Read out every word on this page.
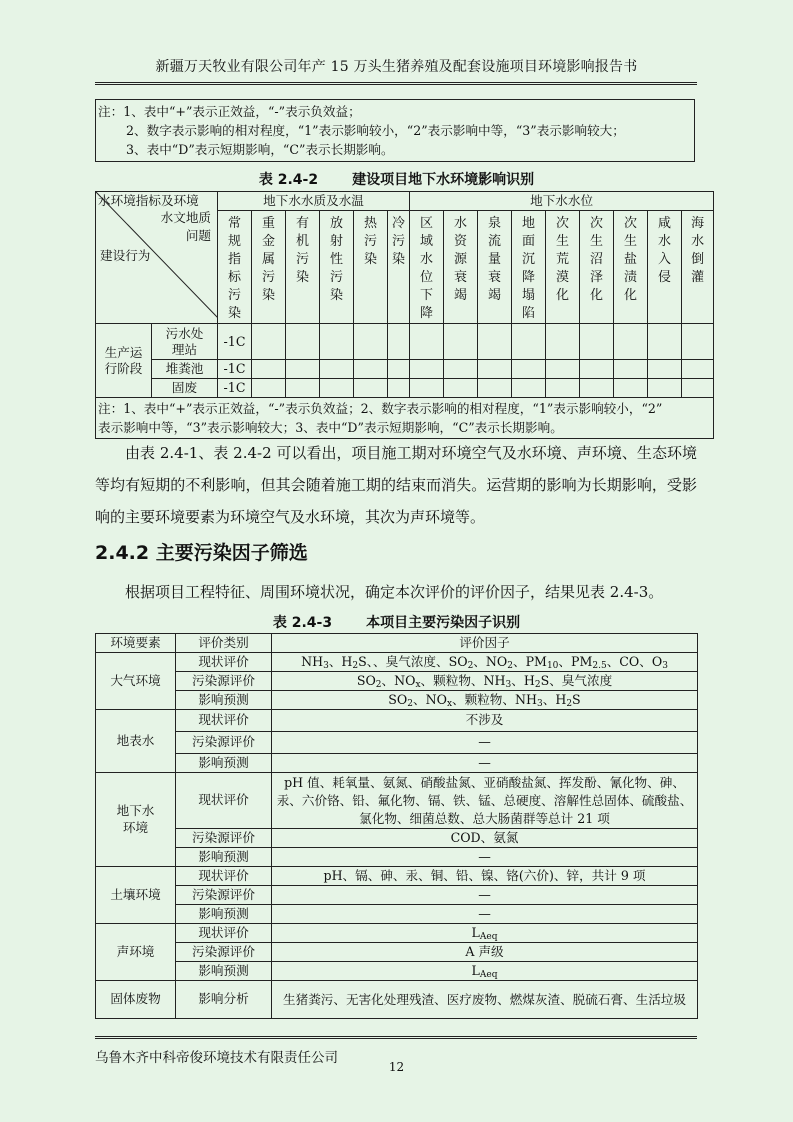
新疆万天牧业有限公司年产 15 万头生猪养殖及配套设施项目环境影响报告书
注：1、表中“+”表示正效益，“-”表示负效益；
2、数字表示影响的相对程度，“1”表示影响较小，“2”表示影响中等，“3”表示影响较大；
3、表中“D”表示短期影响，“C”表示长期影响。
表 2.4-2 建设项目地下水环境影响识别
水环境指标及环境
水文地质
问题
建设行为		地下水水质及水温						地下水水位								
		常规指标污染	重金属污染	有机污染	放射性污染	热污染	冷污染	区域水位下降	水资源衰竭	泉流量衰竭	地面沉降塌陷	次生荒漠化	次生沼泽化	次生盐渍化	咸水入侵	海水倒灌

生产运行阶段	污水处理站	-1C														
	堆粪池	-1C														
	固废	-1C														

注：1、表中“+”表示正效益，“-”表示负效益；2、数字表示影响的相对程度，“1”表示影响较小，“2”
表示影响中等，“3”表示影响较大；3、表中“D”表示短期影响，“C”表示长期影响。																
由表 2.4-1、表 2.4-2 可以看出，项目施工期对环境空气及水环境、声环境、生态环境等均有短期的不利影响，但其会随着施工期的结束而消失。运营期的影响为长期影响，受影响的主要环境要素为环境空气及水环境，其次为声环境等。
2.4.2 主要污染因子筛选
根据项目工程特征、周围环境状况，确定本次评价的评价因子，结果见表 2.4-3。
表 2.4-3 本项目主要污染因子识别
环境要素	评价类别	评价因子
大气环境	现状评价	$NH_3$、$H_2S$、、臭气浓度、$SO_2$、$NO_2$、$PM_{10}$、$PM_{2.5}$、CO、$O_3$
	污染源评价	$SO_2$、$NO_x$、颗粒物、$NH_3$、$H_2S$、臭气浓度
	影响预测	$SO_2$、$NO_x$、颗粒物、$NH_3$、$H_2S$
地表水	现状评价	不涉及
	污染源评价	—
	影响预测	—

地下水环境	现状评价	pH 值、耗氧量、氨氮、硝酸盐氮、亚硝酸盐氮、挥发酚、氰化物、砷、汞、六价铬、铅、氟化物、镉、铁、锰、总硬度、溶解性总固体、硫酸盐、氯化物、细菌总数、总大肠菌群等总计 21 项

	污染源评价	COD、氨氮
	影响预测	—
土壤环境	现状评价	pH、镉、砷、汞、铜、铅、镍、铬(六价)、锌，共计 9 项
	污染源评价	—
	影响预测	—
声环境	现状评价	$L_{Aeq}$
	污染源评价	A 声级
	影响预测	$L_{Aeq}$
固体废物	影响分析	生猪粪污、无害化处理残渣、医疗废物、燃煤灰渣、脱硫石膏、生活垃圾
乌鲁木齐中科帝俊环境技术有限责任公司
12
